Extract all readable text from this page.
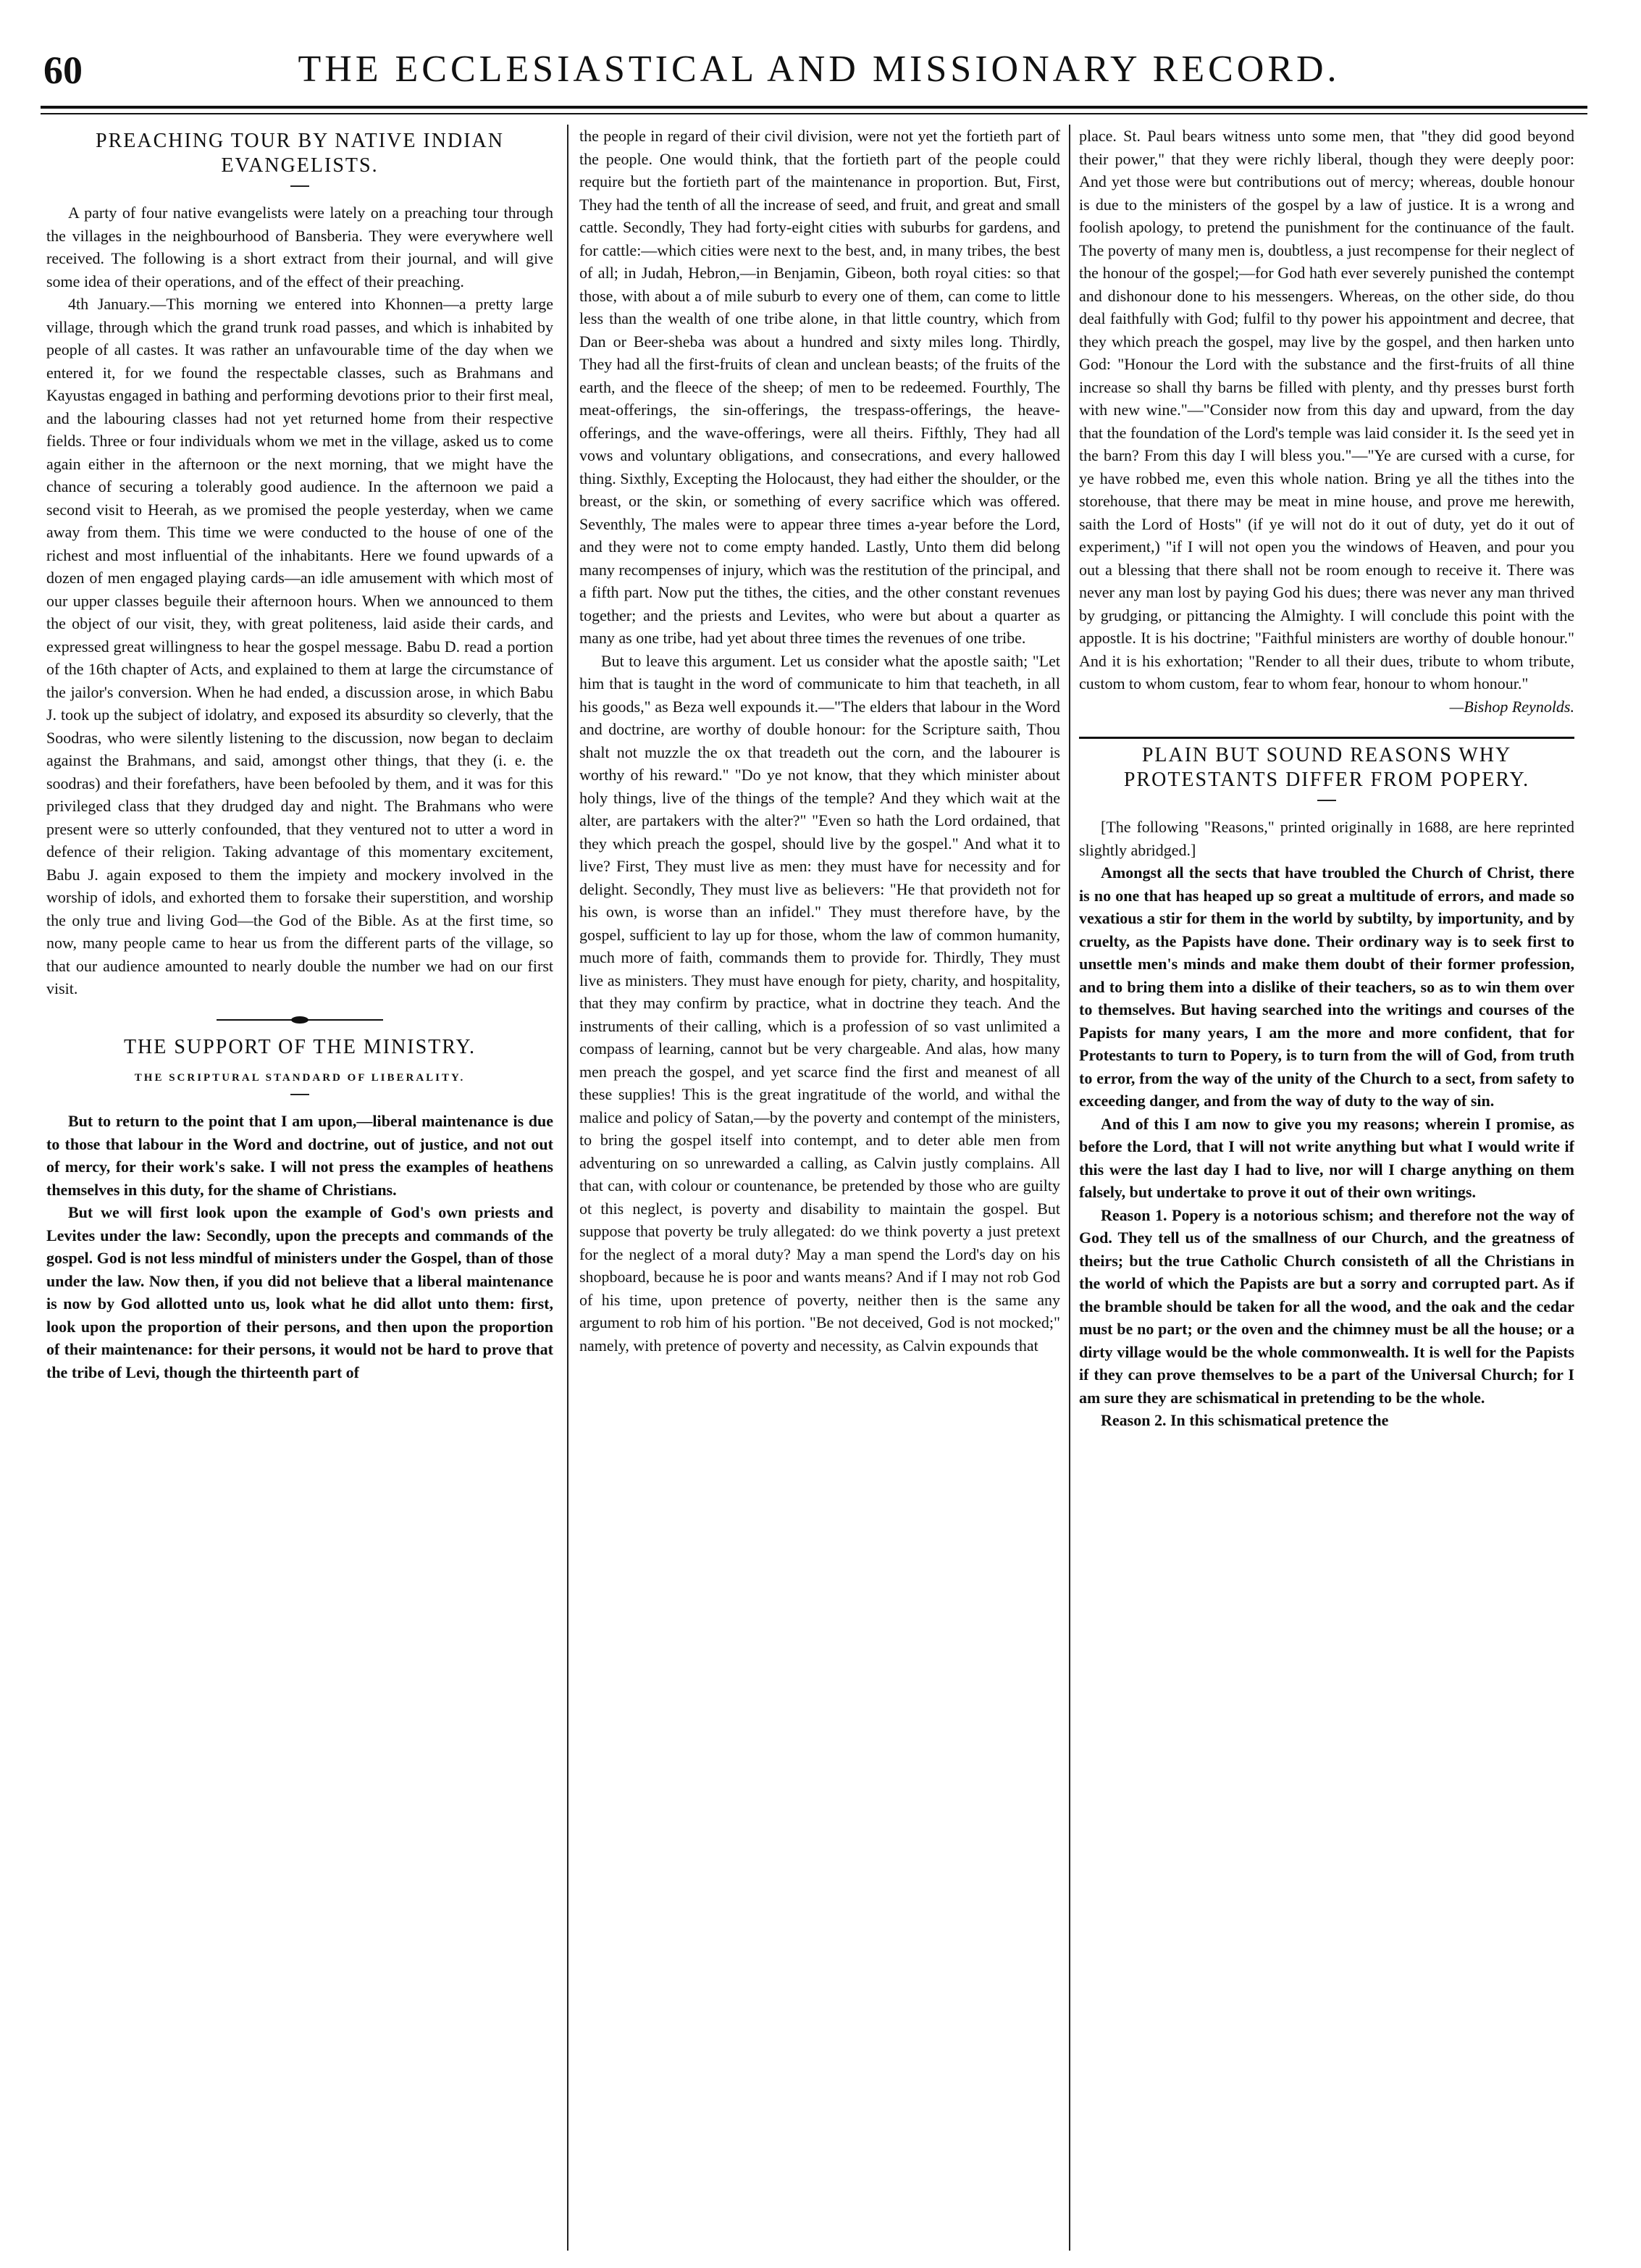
60	THE ECCLESIASTICAL AND MISSIONARY RECORD.
PREACHING TOUR BY NATIVE INDIAN EVANGELISTS.

A party of four native evangelists were lately on a preaching tour through the villages in the neighbourhood of Bansberia. They were everywhere well received. The following is a short extract from their journal, and will give some idea of their operations, and of the effect of their preaching.

4th January.—This morning we entered into Khonnen—a pretty large village, through which the grand trunk road passes, and which is inhabited by people of all castes. It was rather an unfavourable time of the day when we entered it, for we found the respectable classes, such as Brahmans and Kayustas engaged in bathing and performing devotions prior to their first meal, and the labouring classes had not yet returned home from their respective fields. Three or four individuals whom we met in the village, asked us to come again either in the afternoon or the next morning, that we might have the chance of securing a tolerably good audience. In the afternoon we paid a second visit to Heerah, as we promised the people yesterday, when we came away from them. This time we were conducted to the house of one of the richest and most influential of the inhabitants. Here we found upwards of a dozen of men engaged playing cards—an idle amusement with which most of our upper classes beguile their afternoon hours. When we announced to them the object of our visit, they, with great politeness, laid aside their cards, and expressed great willingness to hear the gospel message. Babu D. read a portion of the 16th chapter of Acts, and explained to them at large the circumstance of the jailor's conversion. When he had ended, a discussion arose, in which Babu J. took up the subject of idolatry, and exposed its absurdity so cleverly, that the Soodras, who were silently listening to the discussion, now began to declaim against the Brahmans, and said, amongst other things, that they (i. e. the soodras) and their forefathers, have been befooled by them, and it was for this privileged class that they drudged day and night. The Brahmans who were present were so utterly confounded, that they ventured not to utter a word in defence of their religion. Taking advantage of this momentary excitement, Babu J. again exposed to them the impiety and mockery involved in the worship of idols, and exhorted them to forsake their superstition, and worship the only true and living God—the God of the Bible. As at the first time, so now, many people came to hear us from the different parts of the village, so that our audience amounted to nearly double the number we had on our first visit.

THE SUPPORT OF THE MINISTRY.
THE SCRIPTURAL STANDARD OF LIBERALITY.

But to return to the point that I am upon,—liberal maintenance is due to those that labour in the Word and doctrine, out of justice, and not out of mercy, for their work's sake. I will not press the examples of heathens themselves in this duty, for the shame of Christians.

But we will first look upon the example of God's own priests and Levites under the law: Secondly, upon the precepts and commands of the gospel. God is not less mindful of ministers under the Gospel, than of those under the law. Now then, if you did not believe that a liberal maintenance is now by God allotted unto us, look what he did allot unto them: first, look upon the proportion of their persons, and then upon the proportion of their maintenance: for their persons, it would not be hard to prove that the tribe of Levi, though the thirteenth part of

the people in regard of their civil division, were not yet the fortieth part of the people. One would think, that the fortieth part of the people could require but the fortieth part of the maintenance in proportion. But, First, They had the tenth of all the increase of seed, and fruit, and great and small cattle. Secondly, They had forty-eight cities with suburbs for gardens, and for cattle:—which cities were next to the best, and, in many tribes, the best of all; in Judah, Hebron,—in Benjamin, Gibeon, both royal cities: so that those, with about a of mile suburb to every one of them, can come to little less than the wealth of one tribe alone, in that little country, which from Dan or Beer-sheba was about a hundred and sixty miles long. Thirdly, They had all the first-fruits of clean and unclean beasts; of the fruits of the earth, and the fleece of the sheep; of men to be redeemed. Fourthly, The meat-offerings, the sin-offerings, the trespass-offerings, the heave-offerings, and the wave-offerings, were all theirs. Fifthly, They had all vows and voluntary obligations, and consecrations, and every hallowed thing. Sixthly, Excepting the Holocaust, they had either the shoulder, or the breast, or the skin, or something of every sacrifice which was offered. Seventhly, The males were to appear three times a-year before the Lord, and they were not to come empty handed. Lastly, Unto them did belong many recompenses of injury, which was the restitution of the principal, and a fifth part. Now put the tithes, the cities, and the other constant revenues together; and the priests and Levites, who were but about a quarter as many as one tribe, had yet about three times the revenues of one tribe.

But to leave this argument. Let us consider what the apostle saith; "Let him that is taught in the word of communicate to him that teacheth, in all his goods," as Beza well expounds it.—"The elders that labour in the Word and doctrine, are worthy of double honour: for the Scripture saith, Thou shalt not muzzle the ox that treadeth out the corn, and the labourer is worthy of his reward." "Do ye not know, that they which minister about holy things, live of the things of the temple? And they which wait at the alter, are partakers with the alter?" "Even so hath the Lord ordained, that they which preach the gospel, should live by the gospel." And what it to live? First, They must live as men: they must have for necessity and for delight. Secondly, They must live as believers: "He that provideth not for his own, is worse than an infidel." They must therefore have, by the gospel, sufficient to lay up for those, whom the law of common humanity, much more of faith, commands them to provide for. Thirdly, They must live as ministers. They must have enough for piety, charity, and hospitality, that they may confirm by practice, what in doctrine they teach. And the instruments of their calling, which is a profession of so vast unlimited a compass of learning, cannot but be very chargeable. And alas, how many men preach the gospel, and yet scarce find the first and meanest of all these supplies! This is the great ingratitude of the world, and withal the malice and policy of Satan,—by the poverty and contempt of the ministers, to bring the gospel itself into contempt, and to deter able men from adventuring on so unrewarded a calling, as Calvin justly complains. All that can, with colour or countenance, be pretended by those who are guilty ot this neglect, is poverty and disability to maintain the gospel. But suppose that poverty be truly allegated: do we think poverty a just pretext for the neglect of a moral duty? May a man spend the Lord's day on his shopboard, because he is poor and wants means? And if I may not rob God of his time, upon pretence of poverty, neither then is the same any argument to rob him of his portion. "Be not deceived, God is not mocked;" namely, with pretence of poverty and necessity, as Calvin expounds that

place. St. Paul bears witness unto some men, that "they did good beyond their power," that they were richly liberal, though they were deeply poor: And yet those were but contributions out of mercy; whereas, double honour is due to the ministers of the gospel by a law of justice. It is a wrong and foolish apology, to pretend the punishment for the continuance of the fault. The poverty of many men is, doubtless, a just recompense for their neglect of the honour of the gospel;—for God hath ever severely punished the contempt and dishonour done to his messengers. Whereas, on the other side, do thou deal faithfully with God; fulfil to thy power his appointment and decree, that they which preach the gospel, may live by the gospel, and then harken unto God: "Honour the Lord with the substance and the first-fruits of all thine increase so shall thy barns be filled with plenty, and thy presses burst forth with new wine."—"Consider now from this day and upward, from the day that the foundation of the Lord's temple was laid consider it. Is the seed yet in the barn? From this day I will bless you."—"Ye are cursed with a curse, for ye have robbed me, even this whole nation. Bring ye all the tithes into the storehouse, that there may be meat in mine house, and prove me herewith, saith the Lord of Hosts" (if ye will not do it out of duty, yet do it out of experiment,) "if I will not open you the windows of Heaven, and pour you out a blessing that there shall not be room enough to receive it. There was never any man lost by paying God his dues; there was never any man thrived by grudging, or pittancing the Almighty. I will conclude this point with the appostle. It is his doctrine; "Faithful ministers are worthy of double honour." And it is his exhortation; "Render to all their dues, tribute to whom tribute, custom to whom custom, fear to whom fear, honour to whom honour."

—Bishop Reynolds.
PLAIN BUT SOUND REASONS WHY PROTESTANTS DIFFER FROM POPERY.

[The following "Reasons," printed originally in 1688, are here reprinted slightly abridged.]

Amongst all the sects that have troubled the Church of Christ, there is no one that has heaped up so great a multitude of errors, and made so vexatious a stir for them in the world by subtilty, by importunity, and by cruelty, as the Papists have done. Their ordinary way is to seek first to unsettle men's minds and make them doubt of their former profession, and to bring them into a dislike of their teachers, so as to win them over to themselves. But having searched into the writings and courses of the Papists for many years, I am the more and more confident, that for Protestants to turn to Popery, is to turn from the will of God, from truth to error, from the way of the unity of the Church to a sect, from safety to exceeding danger, and from the way of duty to the way of sin.

And of this I am now to give you my reasons; wherein I promise, as before the Lord, that I will not write anything but what I would write if this were the last day I had to live, nor will I charge anything on them falsely, but undertake to prove it out of their own writings.

Reason 1. Popery is a notorious schism; and therefore not the way of God. They tell us of the smallness of our Church, and the greatness of theirs; but the true Catholic Church consisteth of all the Christians in the world of which the Papists are but a sorry and corrupted part. As if the bramble should be taken for all the wood, and the oak and the cedar must be no part; or the oven and the chimney must be all the house; or a dirty village would be the whole commonwealth. It is well for the Papists if they can prove themselves to be a part of the Universal Church; for I am sure they are schismatical in pretending to be the whole.

Reason 2. In this schismatical pretence the
